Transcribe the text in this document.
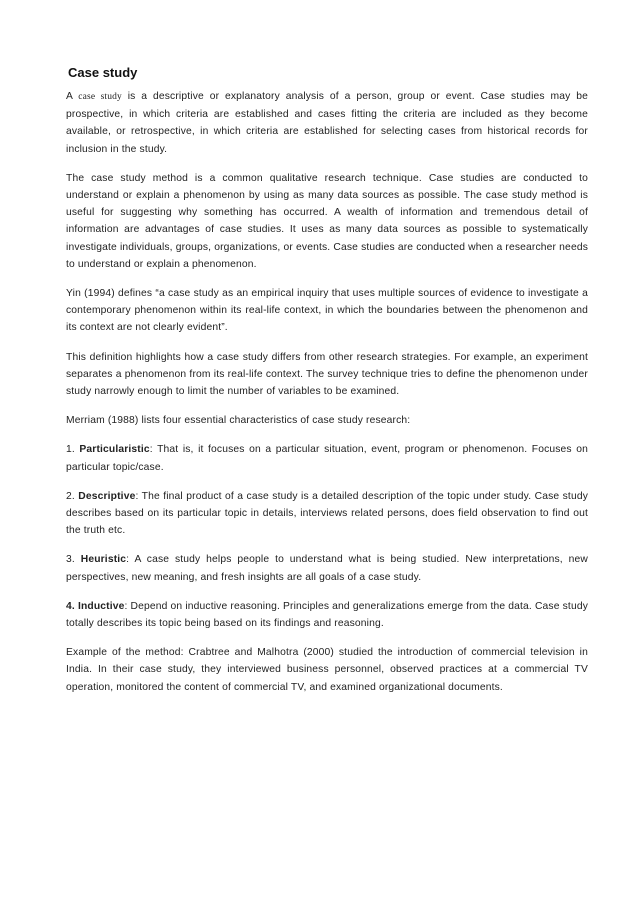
Case study

A case study is a descriptive or explanatory analysis of a person, group or event. Case studies may be prospective, in which criteria are established and cases fitting the criteria are included as they become available, or retrospective, in which criteria are established for selecting cases from historical records for inclusion in the study.

The case study method is a common qualitative research technique. Case studies are conducted to understand or explain a phenomenon by using as many data sources as possible. The case study method is useful for suggesting why something has occurred. A wealth of information and tremendous detail of information are advantages of case studies. It uses as many data sources as possible to systematically investigate individuals, groups, organizations, or events. Case studies are conducted when a researcher needs to understand or explain a phenomenon.

Yin (1994) defines “a case study as an empirical inquiry that uses multiple sources of evidence to investigate a contemporary phenomenon within its real-life context, in which the boundaries between the phenomenon and its context are not clearly evident”.

This definition highlights how a case study differs from other research strategies. For example, an experiment separates a phenomenon from its real-life context. The survey technique tries to define the phenomenon under study narrowly enough to limit the number of variables to be examined.

Merriam (1988) lists four essential characteristics of case study research:

1. Particularistic: That is, it focuses on a particular situation, event, program or phenomenon. Focuses on particular topic/case.

2. Descriptive: The final product of a case study is a detailed description of the topic under study. Case study describes based on its particular topic in details, interviews related persons, does field observation to find out the truth etc.

3. Heuristic: A case study helps people to understand what is being studied. New interpretations, new perspectives, new meaning, and fresh insights are all goals of a case study.

4. Inductive: Depend on inductive reasoning. Principles and generalizations emerge from the data. Case study totally describes its topic being based on its findings and reasoning.

Example of the method: Crabtree and Malhotra (2000) studied the introduction of commercial television in India. In their case study, they interviewed business personnel, observed practices at a commercial TV operation, monitored the content of commercial TV, and examined organizational documents.
